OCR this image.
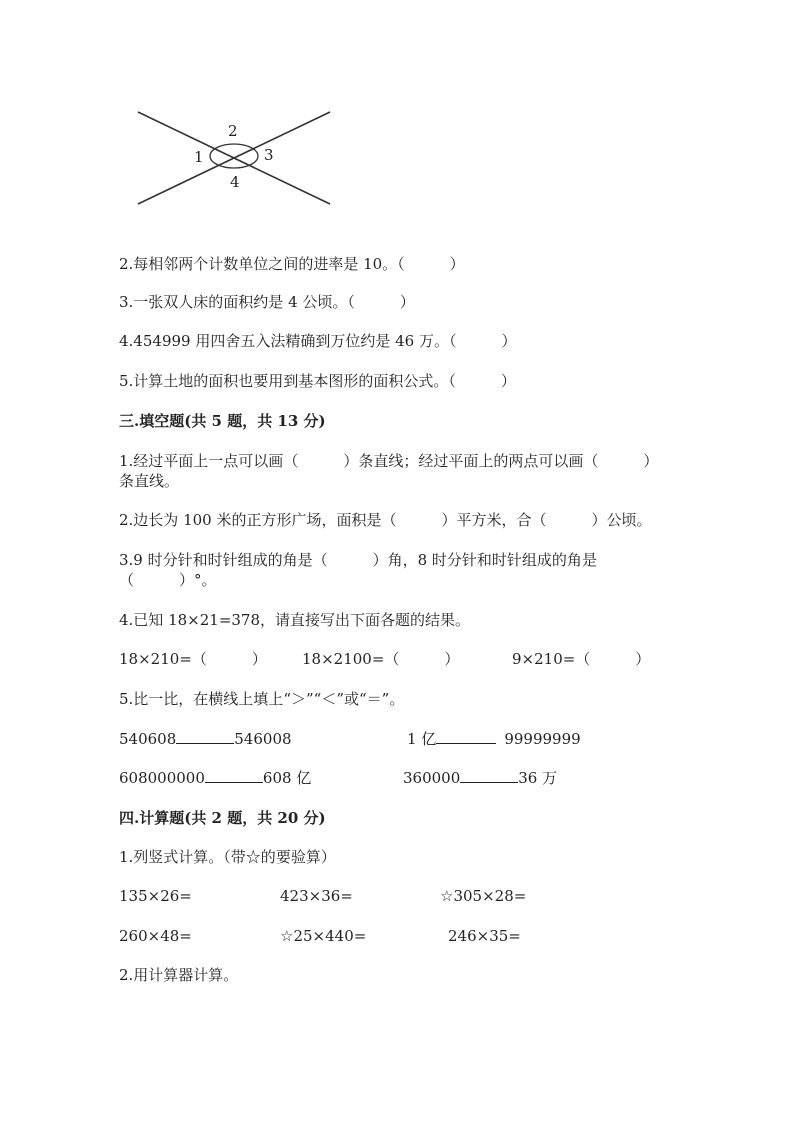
1
2
3
4
2.每相邻两个计数单位之间的进率是 10。（　　　）
3.一张双人床的面积约是 4 公顷。（　　　）
4.454999 用四舍五入法精确到万位约是 46 万。（　　　）
5.计算土地的面积也要用到基本图形的面积公式。（　　　）
三.填空题(共 5 题，共 13 分)
1.经过平面上一点可以画（　　　）条直线；经过平面上的两点可以画（　　　）
条直线。
2.边长为 100 米的正方形广场，面积是（　　　）平方米，合（　　　）公顷。
3.9 时分针和时针组成的角是（　　　）角，8 时分针和时针组成的角是
（　　　）°。
4.已知 18×21=378，请直接写出下面各题的结果。
18×210=（　　　） 18×2100=（　　　）	9×210=（　　　）
5.比一比，在横线上填上“＞”“＜”或“＝”。
540608	546008	1 亿	99999999
608000000	608 亿	360000	36 万
四.计算题(共 2 题，共 20 分)
1.列竖式计算。（带☆的要验算）
135×26=	423×36=	☆305×28=
260×48=	☆25×440=	246×35=
2.用计算器计算。
